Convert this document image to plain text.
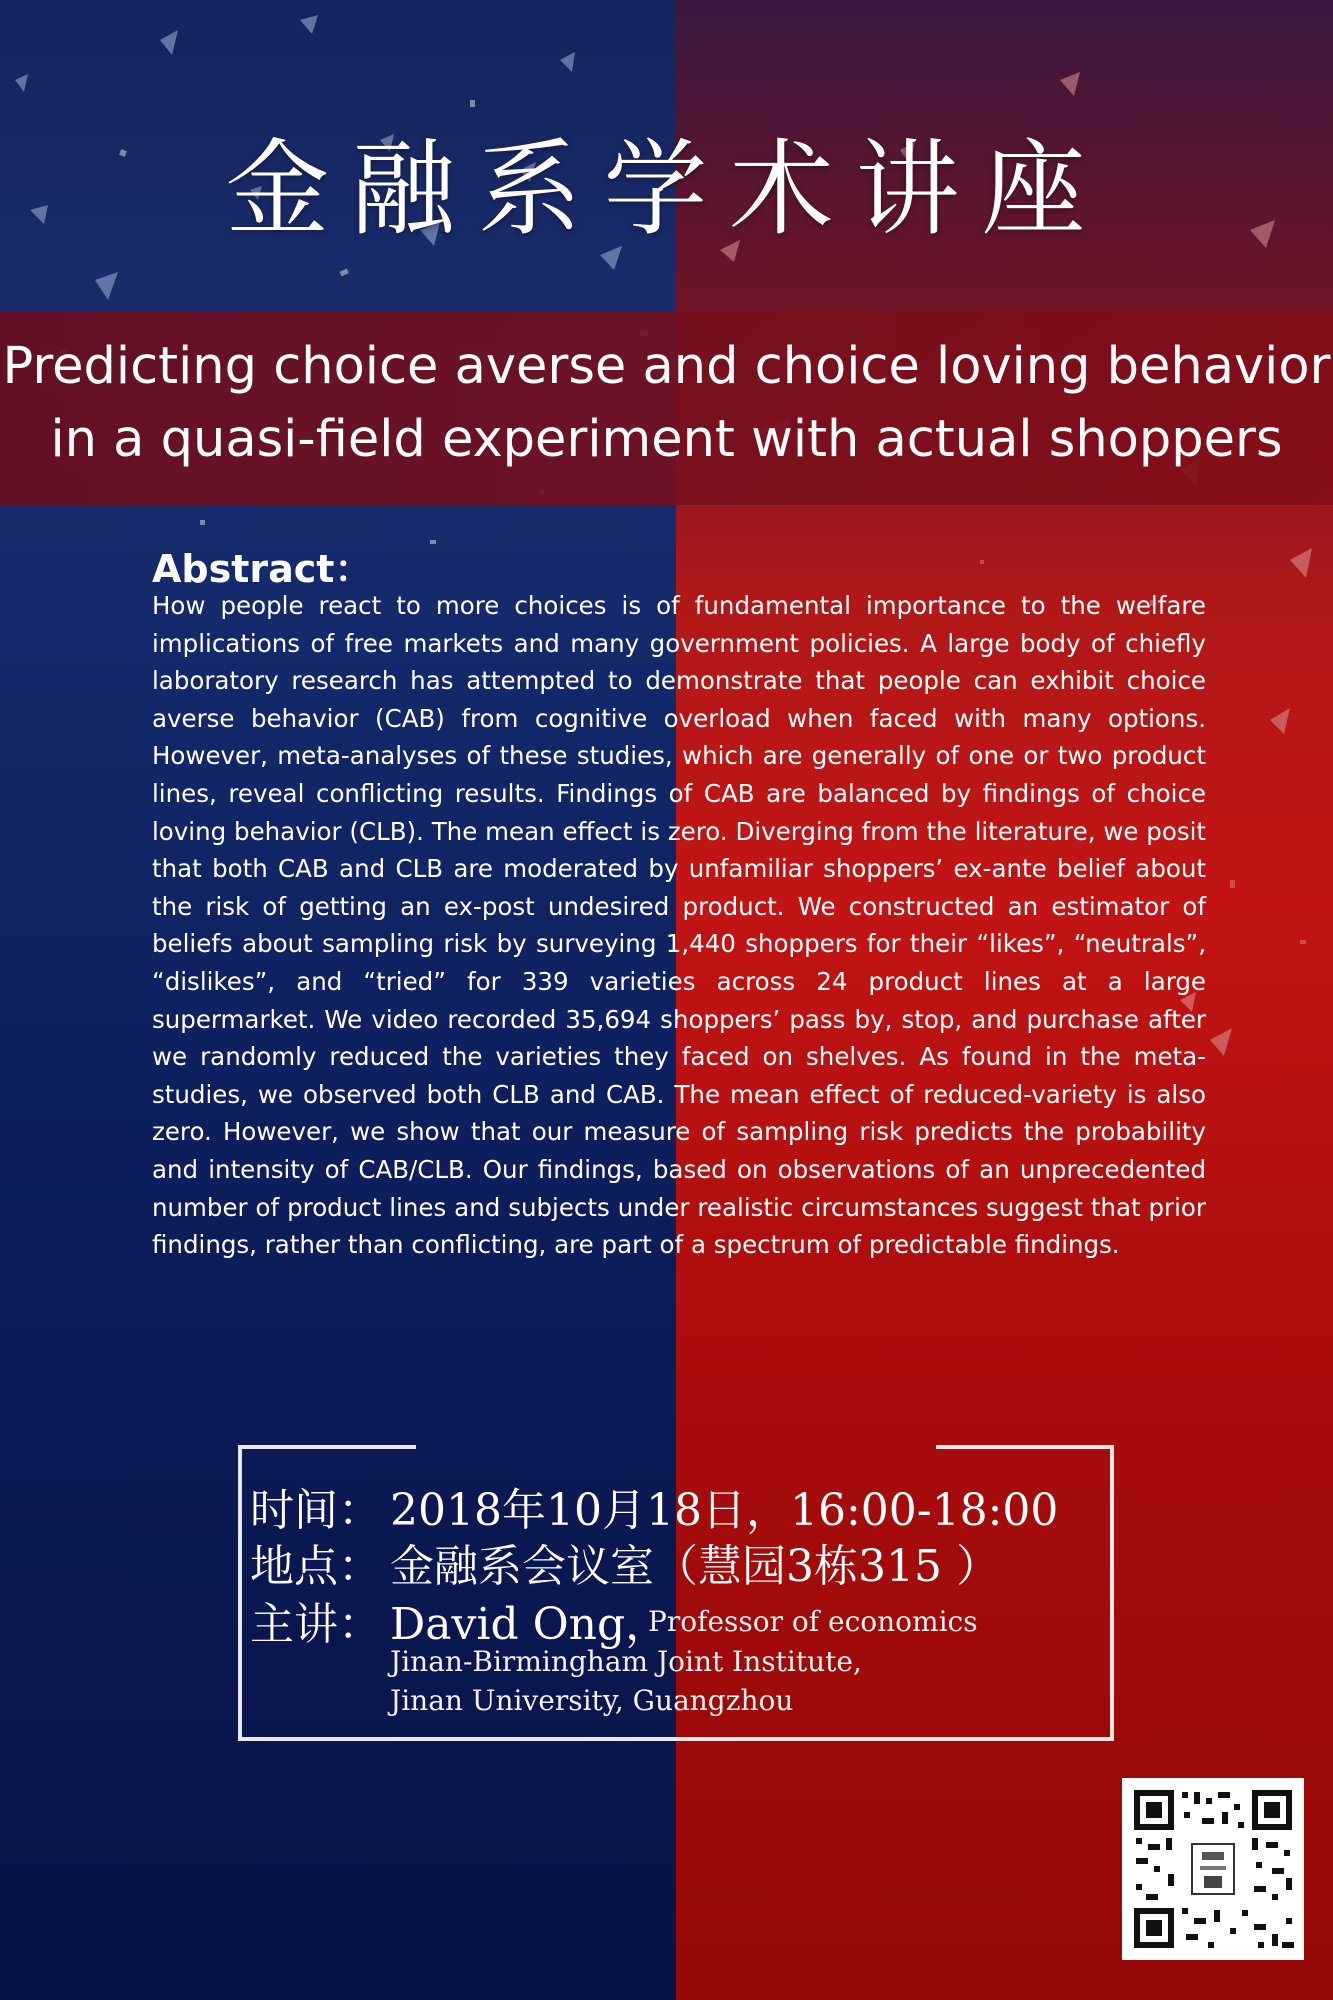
金融系学术讲座
Predicting choice averse and choice loving behavior
in a quasi-field experiment with actual shoppers
Abstract：
How people react to more choices is of fundamental importance to the welfare implications of free markets and many government policies. A large body of chiefly laboratory research has attempted to demonstrate that people can exhibit choice averse behavior (CAB) from cognitive overload when faced with many options. However, meta-analyses of these studies, which are generally of one or two product lines, reveal conflicting results. Findings of CAB are balanced by findings of choice loving behavior (CLB). The mean effect is zero. Diverging from the literature, we posit that both CAB and CLB are moderated by unfamiliar shoppers’ ex-ante belief about the risk of getting an ex-post undesired product. We constructed an estimator of beliefs about sampling risk by surveying 1,440 shoppers for their “likes”, “neutrals”, “dislikes”, and “tried” for 339 varieties across 24 product lines at a large supermarket. We video recorded 35,694 shoppers’ pass by, stop, and purchase after we randomly reduced the varieties they faced on shelves. As found in the meta-studies, we observed both CLB and CAB. The mean effect of reduced-variety is also zero. However, we show that our measure of sampling risk predicts the probability and intensity of CAB/CLB. Our findings, based on observations of an unprecedented number of product lines and subjects under realistic circumstances suggest that prior findings, rather than conflicting, are part of a spectrum of predictable findings.
时间： 2018年10月18日，16:00-18:00
地点： 金融系会议室（慧园3栋315 ）
主讲： David Ong，
Professor of economics
Jinan-Birmingham Joint Institute,
Jinan University, Guangzhou
